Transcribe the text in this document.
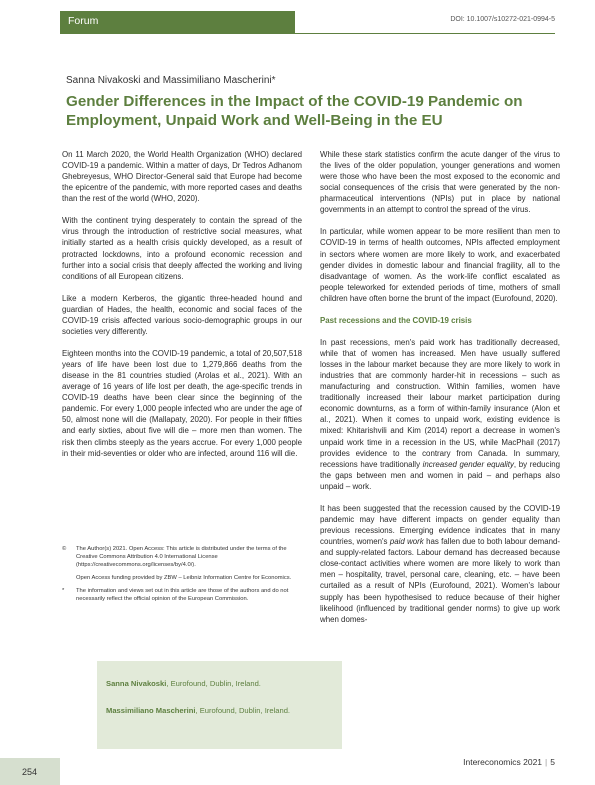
Forum	DOI: 10.1007/s10272-021-0994-5
Sanna Nivakoski and Massimiliano Mascherini*
Gender Differences in the Impact of the COVID-19 Pandemic on Employment, Unpaid Work and Well-Being in the EU

On 11 March 2020, the World Health Organization (WHO) declared COVID-19 a pandemic. Within a matter of days, Dr Tedros Adhanom Ghebreyesus, WHO Director-General said that Europe had become the epicentre of the pandemic, with more reported cases and deaths than the rest of the world (WHO, 2020).

With the continent trying desperately to contain the spread of the virus through the introduction of restrictive social measures, what initially started as a health crisis quickly developed, as a result of protracted lockdowns, into a profound economic recession and further into a social crisis that deeply affected the working and living conditions of all European citizens.

Like a modern Kerberos, the gigantic three-headed hound and guardian of Hades, the health, economic and social faces of the COVID-19 crisis affected various socio-demographic groups in our societies very differently.

Eighteen months into the COVID-19 pandemic, a total of 20,507,518 years of life have been lost due to 1,279,866 deaths from the disease in the 81 countries studied (Arolas et al., 2021). With an average of 16 years of life lost per death, the age-specific trends in COVID-19 deaths have been clear since the beginning of the pandemic. For every 1,000 people infected who are under the age of 50, almost none will die (Mallapaty, 2020). For people in their fifties and early sixties, about five will die – more men than women. The risk then climbs steeply as the years accrue. For every 1,000 people in their mid-seventies or older who are infected, around 116 will die.

© The Author(s) 2021. Open Access: This article is distributed under the terms of the Creative Commons Attribution 4.0 International License (https://creativecommons.org/licenses/by/4.0/).
Open Access funding provided by ZBW – Leibniz Information Centre for Economics.
* The information and views set out in this article are those of the authors and do not necessarily reflect the official opinion of the European Commission.

While these stark statistics confirm the acute danger of the virus to the lives of the older population, younger generations and women were those who have been the most exposed to the economic and social consequences of the crisis that were generated by the non-pharmaceutical interventions (NPIs) put in place by national governments in an attempt to control the spread of the virus.

In particular, while women appear to be more resilient than men to COVID-19 in terms of health outcomes, NPIs affected employment in sectors where women are more likely to work, and exacerbated gender divides in domestic labour and financial fragility, all to the disadvantage of women. As the work-life conflict escalated as people teleworked for extended periods of time, mothers of small children have often borne the brunt of the impact (Eurofound, 2020).

Past recessions and the COVID-19 crisis

In past recessions, men's paid work has traditionally decreased, while that of women has increased. Men have usually suffered losses in the labour market because they are more likely to work in industries that are commonly harder-hit in recessions – such as manufacturing and construction. Within families, women have traditionally increased their labour market participation during economic downturns, as a form of within-family insurance (Alon et al., 2021). When it comes to unpaid work, existing evidence is mixed: Khitarishvili and Kim (2014) report a decrease in women's unpaid work time in a recession in the US, while MacPhail (2017) provides evidence to the contrary from Canada. In summary, recessions have traditionally increased gender equality, by reducing the gaps between men and women in paid – and perhaps also unpaid – work.

It has been suggested that the recession caused by the COVID-19 pandemic may have different impacts on gender equality than previous recessions. Emerging evidence indicates that in many countries, women's paid work has fallen due to both labour demand- and supply-related factors. Labour demand has decreased because close-contact activities where women are more likely to work than men – hospitality, travel, personal care, cleaning, etc. – have been curtailed as a result of NPIs (Eurofound, 2021). Women's labour supply has been hypothesised to reduce because of their higher likelihood (influenced by traditional gender norms) to give up work when domes-

Sanna Nivakoski, Eurofound, Dublin, Ireland.
Massimiliano Mascherini, Eurofound, Dublin, Ireland.
254
Intereconomics 2021 | 5
